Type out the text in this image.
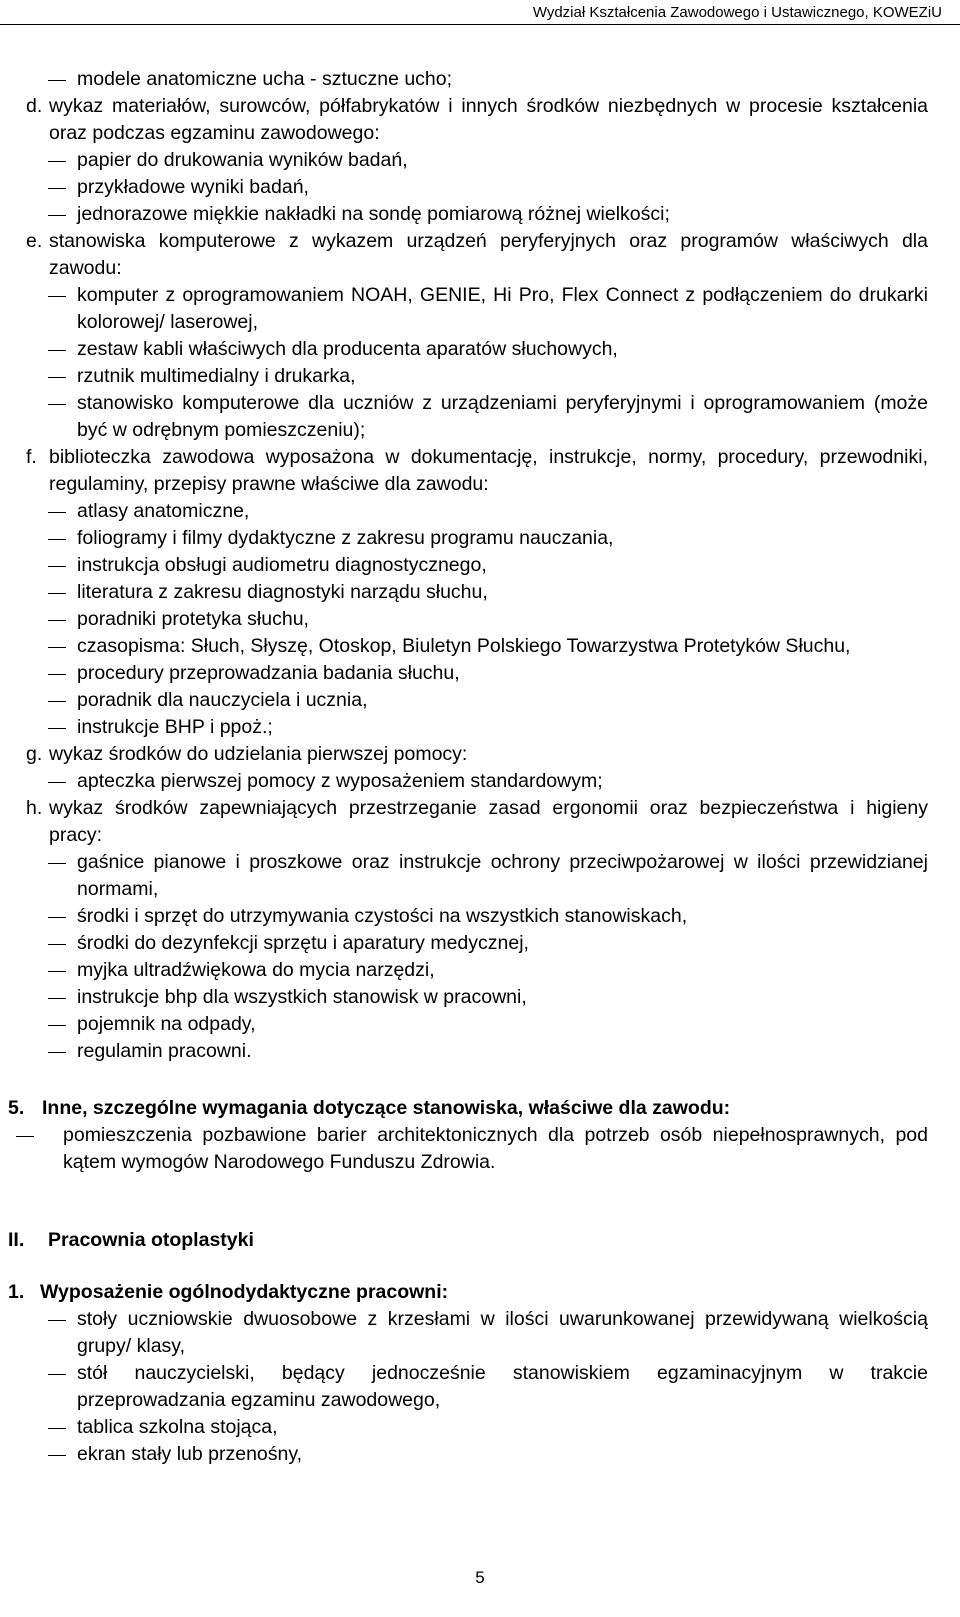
Wydział Kształcenia Zawodowego i Ustawicznego, KOWEZiU
modele anatomiczne ucha - sztuczne ucho;
d. wykaz materiałów, surowców, półfabrykatów i innych środków niezbędnych w procesie kształcenia oraz podczas egzaminu zawodowego:
papier do drukowania wyników badań,
przykładowe wyniki badań,
jednorazowe miękkie nakładki na sondę pomiarową różnej wielkości;
e. stanowiska komputerowe z wykazem urządzeń peryferyjnych oraz programów właściwych dla zawodu:
komputer z oprogramowaniem NOAH, GENIE, Hi Pro, Flex Connect z podłączeniem do drukarki kolorowej/ laserowej,
zestaw kabli właściwych dla producenta aparatów słuchowych,
rzutnik multimedialny i drukarka,
stanowisko komputerowe dla uczniów z urządzeniami peryferyjnymi i oprogramowaniem (może być w odrębnym pomieszczeniu);
f. biblioteczka zawodowa wyposażona w dokumentację, instrukcje, normy, procedury, przewodniki, regulaminy, przepisy prawne właściwe dla zawodu:
atlasy anatomiczne,
foliogramy i filmy dydaktyczne z zakresu programu nauczania,
instrukcja obsługi audiometru diagnostycznego,
literatura z zakresu diagnostyki narządu słuchu,
poradniki protetyka słuchu,
czasopisma: Słuch, Słyszę, Otoskop, Biuletyn Polskiego Towarzystwa Protetyków Słuchu,
procedury przeprowadzania badania słuchu,
poradnik dla nauczyciela i ucznia,
instrukcje BHP i ppoż.;
g. wykaz środków do udzielania pierwszej pomocy:
apteczka pierwszej pomocy z wyposażeniem standardowym;
h. wykaz środków zapewniających przestrzeganie zasad ergonomii oraz bezpieczeństwa i higieny pracy:
gaśnice pianowe i proszkowe oraz instrukcje ochrony przeciwpożarowej w ilości przewidzianej normami,
środki i sprzęt do utrzymywania czystości na wszystkich stanowiskach,
środki do dezynfekcji sprzętu i aparatury medycznej,
myjka ultradźwiękowa do mycia narzędzi,
instrukcje bhp dla wszystkich stanowisk w pracowni,
pojemnik na odpady,
regulamin pracowni.
5. Inne, szczególne wymagania dotyczące stanowiska, właściwe dla zawodu:
pomieszczenia pozbawione barier architektonicznych dla potrzeb osób niepełnosprawnych, pod kątem wymogów Narodowego Funduszu Zdrowia.
II. Pracownia otoplastyki
1. Wyposażenie ogólnodydaktyczne pracowni:
stoły uczniowskie dwuosobowe z krzesłami w ilości uwarunkowanej przewidywaną wielkością grupy/ klasy,
stół nauczycielski, będący jednocześnie stanowiskiem egzaminacyjnym w trakcie przeprowadzania egzaminu zawodowego,
tablica szkolna stojąca,
ekran stały lub przenośny,
5
